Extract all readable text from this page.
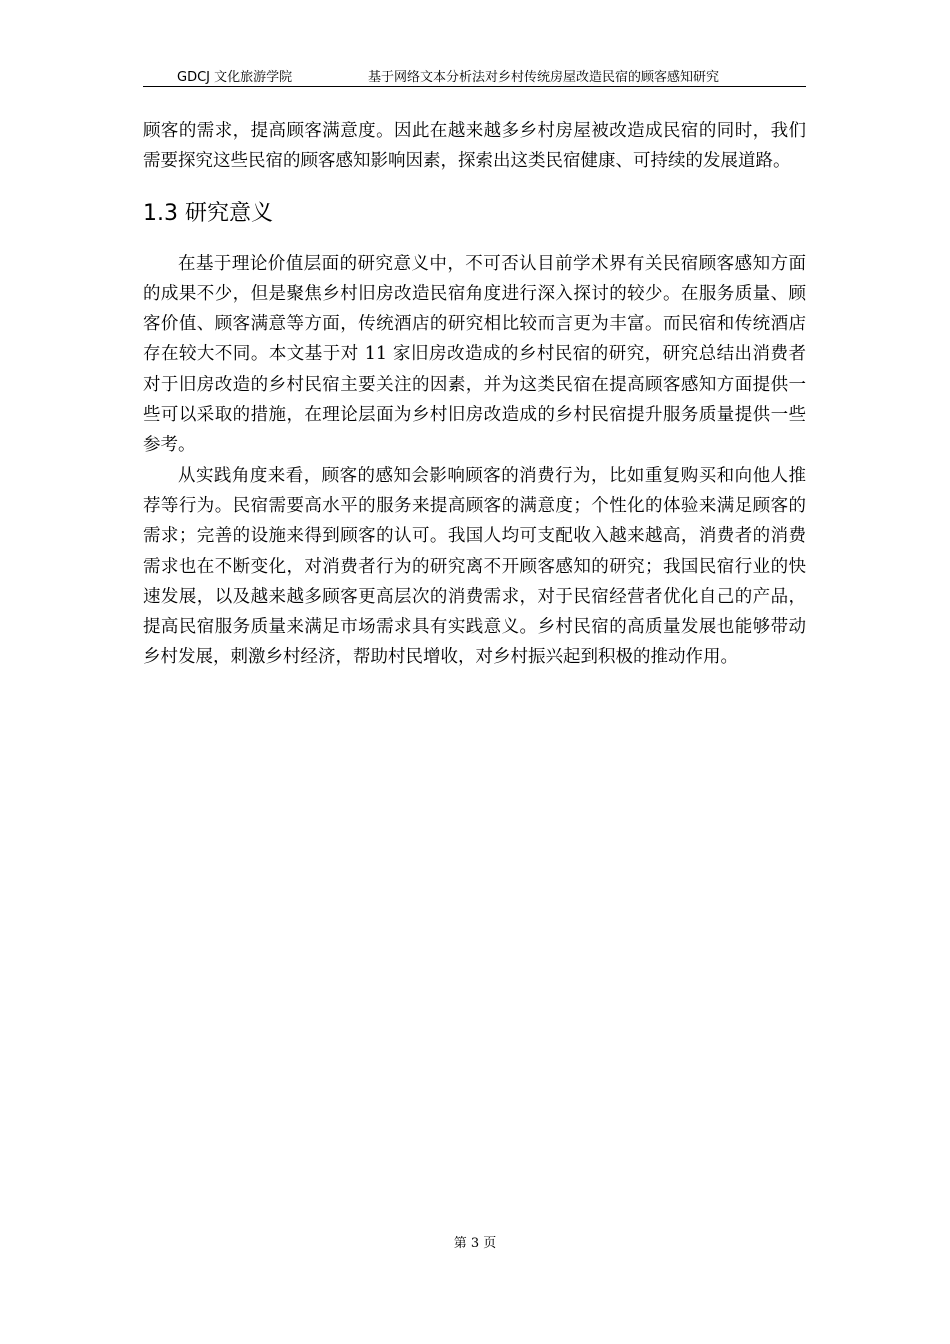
GDCJ 文化旅游学院	基于网络文本分析法对乡村传统房屋改造民宿的顾客感知研究

顾客的需求，提高顾客满意度。因此在越来越多乡村房屋被改造成民宿的同时，我们需要探究这些民宿的顾客感知影响因素，探索出这类民宿健康、可持续的发展道路。

1.3 研究意义

在基于理论价值层面的研究意义中，不可否认目前学术界有关民宿顾客感知方面的成果不少，但是聚焦乡村旧房改造民宿角度进行深入探讨的较少。在服务质量、顾客价值、顾客满意等方面，传统酒店的研究相比较而言更为丰富。而民宿和传统酒店存在较大不同。本文基于对 11 家旧房改造成的乡村民宿的研究，研究总结出消费者对于旧房改造的乡村民宿主要关注的因素，并为这类民宿在提高顾客感知方面提供一些可以采取的措施，在理论层面为乡村旧房改造成的乡村民宿提升服务质量提供一些参考。

从实践角度来看，顾客的感知会影响顾客的消费行为，比如重复购买和向他人推荐等行为。民宿需要高水平的服务来提高顾客的满意度；个性化的体验来满足顾客的需求；完善的设施来得到顾客的认可。我国人均可支配收入越来越高，消费者的消费需求也在不断变化，对消费者行为的研究离不开顾客感知的研究；我国民宿行业的快速发展，以及越来越多顾客更高层次的消费需求，对于民宿经营者优化自己的产品，提高民宿服务质量来满足市场需求具有实践意义。乡村民宿的高质量发展也能够带动乡村发展，刺激乡村经济，帮助村民增收，对乡村振兴起到积极的推动作用。

第 3 页
